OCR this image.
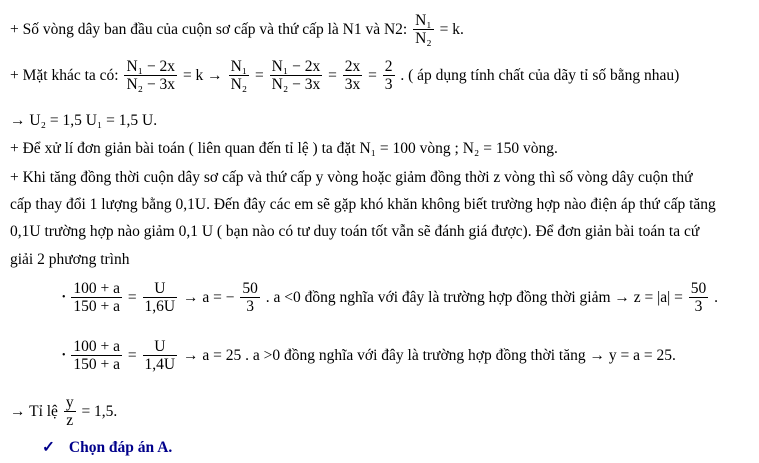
+ Số vòng dây ban đầu của cuộn sơ cấp và thứ cấp là N1 và N2: $\frac{\text{N₁}}{\text{N₂}} = k$.
+ Mặt khác ta có: $\frac{\text{N₁ − 2x}}{\text{N₂ − 3x}} = k \to \frac{\text{N₁}}{\text{N₂}} = \frac{\text{N₁ − 2x}}{\text{N₂ − 3x}} = \frac{2x}{3x} = \frac{2}{3}$ . ( áp dụng tính chất của dãy tỉ số bằng nhau)
→ U₂ = 1,5 U₁ = 1,5 U.
+ Để xử lí đơn giản bài toán ( liên quan đến tỉ lệ ) ta đặt N₁ = 100 vòng ; N₂ = 150 vòng.
+ Khi tăng đồng thời cuộn dây sơ cấp và thứ cấp y vòng hoặc giảm đồng thời z vòng thì số vòng dây cuộn thứ
cấp thay đổi 1 lượng bằng 0,1U. Đến đây các em sẽ gặp khó khăn không biết trường hợp nào điện áp thứ cấp tăng
0,1U trường hợp nào giảm 0,1 U ( bạn nào có tư duy toán tốt vẫn sẽ đánh giá được). Để đơn giản bài toán ta cứ
giải 2 phương trình
• $\frac{100 + a}{150 + a} = \frac{U}{1,6U} \to a$ = − $\frac{50}{3}$ . a <0 đồng nghĩa với đây là trường hợp đồng thời giảm → $z = |a| = \frac{50}{3}$ .
• $\frac{100 + a}{150 + a} = \frac{U}{1,4U} \to a = 25$ . a >0 đồng nghĩa với đây là trường hợp đồng thời tăng → y = a = 25.
→ Tỉ lệ $\frac{y}{z} = 1,5$.
✓ Chọn đáp án A.
